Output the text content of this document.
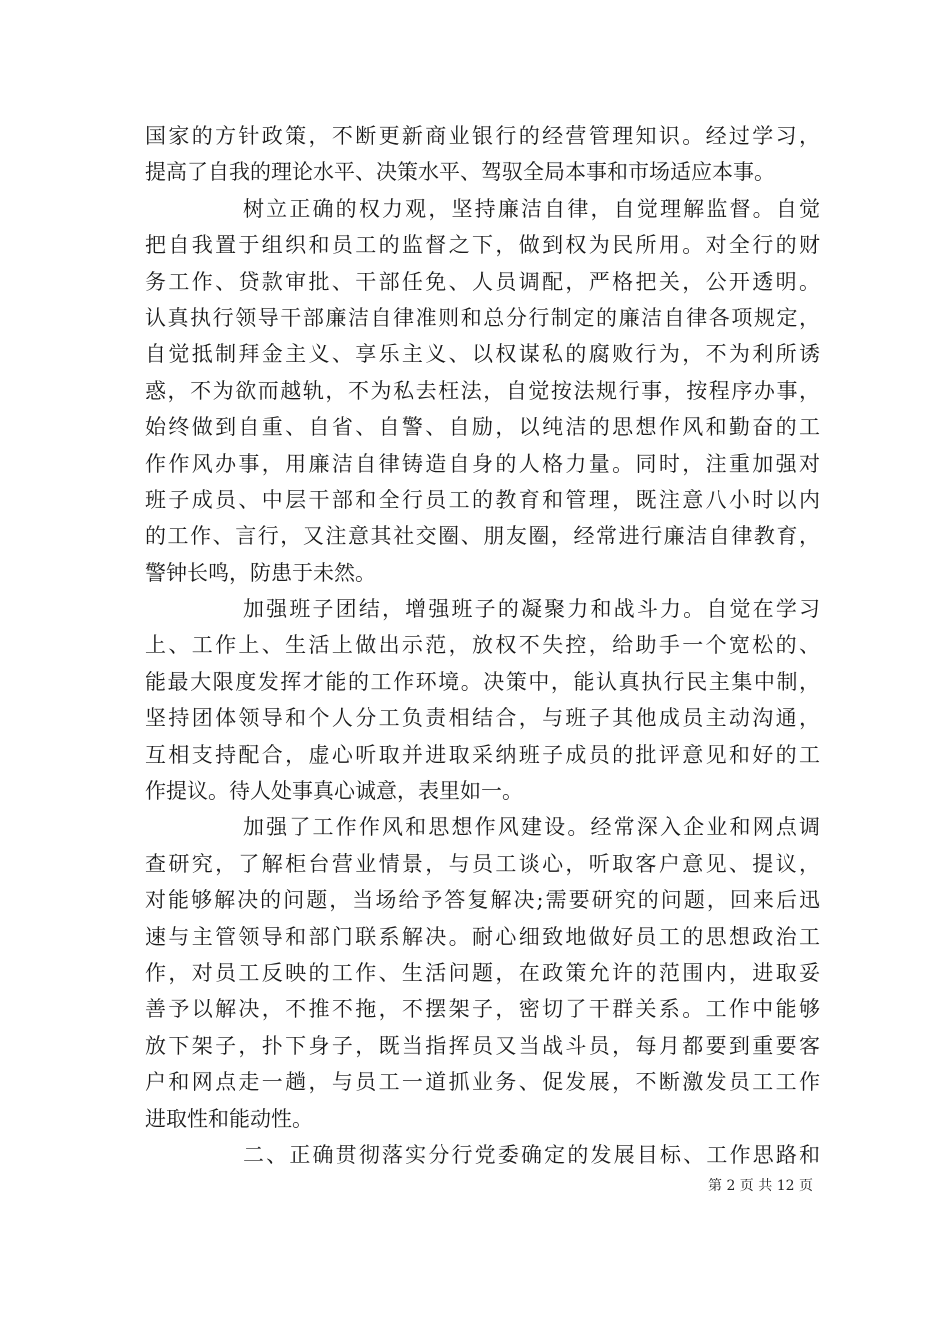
国家的方针政策，不断更新商业银行的经营管理知识。经过学习，
提高了自我的理论水平、决策水平、驾驭全局本事和市场适应本事。
树立正确的权力观，坚持廉洁自律，自觉理解监督。自觉
把自我置于组织和员工的监督之下，做到权为民所用。对全行的财
务工作、贷款审批、干部任免、人员调配，严格把关，公开透明。
认真执行领导干部廉洁自律准则和总分行制定的廉洁自律各项规定，
自觉抵制拜金主义、享乐主义、以权谋私的腐败行为，不为利所诱
惑，不为欲而越轨，不为私去枉法，自觉按法规行事，按程序办事，
始终做到自重、自省、自警、自励，以纯洁的思想作风和勤奋的工
作作风办事，用廉洁自律铸造自身的人格力量。同时，注重加强对
班子成员、中层干部和全行员工的教育和管理，既注意八小时以内
的工作、言行，又注意其社交圈、朋友圈，经常进行廉洁自律教育，
警钟长鸣，防患于未然。
加强班子团结，增强班子的凝聚力和战斗力。自觉在学习
上、工作上、生活上做出示范，放权不失控，给助手一个宽松的、
能最大限度发挥才能的工作环境。决策中，能认真执行民主集中制，
坚持团体领导和个人分工负责相结合，与班子其他成员主动沟通，
互相支持配合，虚心听取并进取采纳班子成员的批评意见和好的工
作提议。待人处事真心诚意，表里如一。
加强了工作作风和思想作风建设。经常深入企业和网点调
查研究，了解柜台营业情景，与员工谈心，听取客户意见、提议，
对能够解决的问题，当场给予答复解决;需要研究的问题，回来后迅
速与主管领导和部门联系解决。耐心细致地做好员工的思想政治工
作，对员工反映的工作、生活问题，在政策允许的范围内，进取妥
善予以解决，不推不拖，不摆架子，密切了干群关系。工作中能够
放下架子，扑下身子，既当指挥员又当战斗员，每月都要到重要客
户和网点走一趟，与员工一道抓业务、促发展，不断激发员工工作
进取性和能动性。
二、正确贯彻落实分行党委确定的发展目标、工作思路和
第 2 页 共 12 页
